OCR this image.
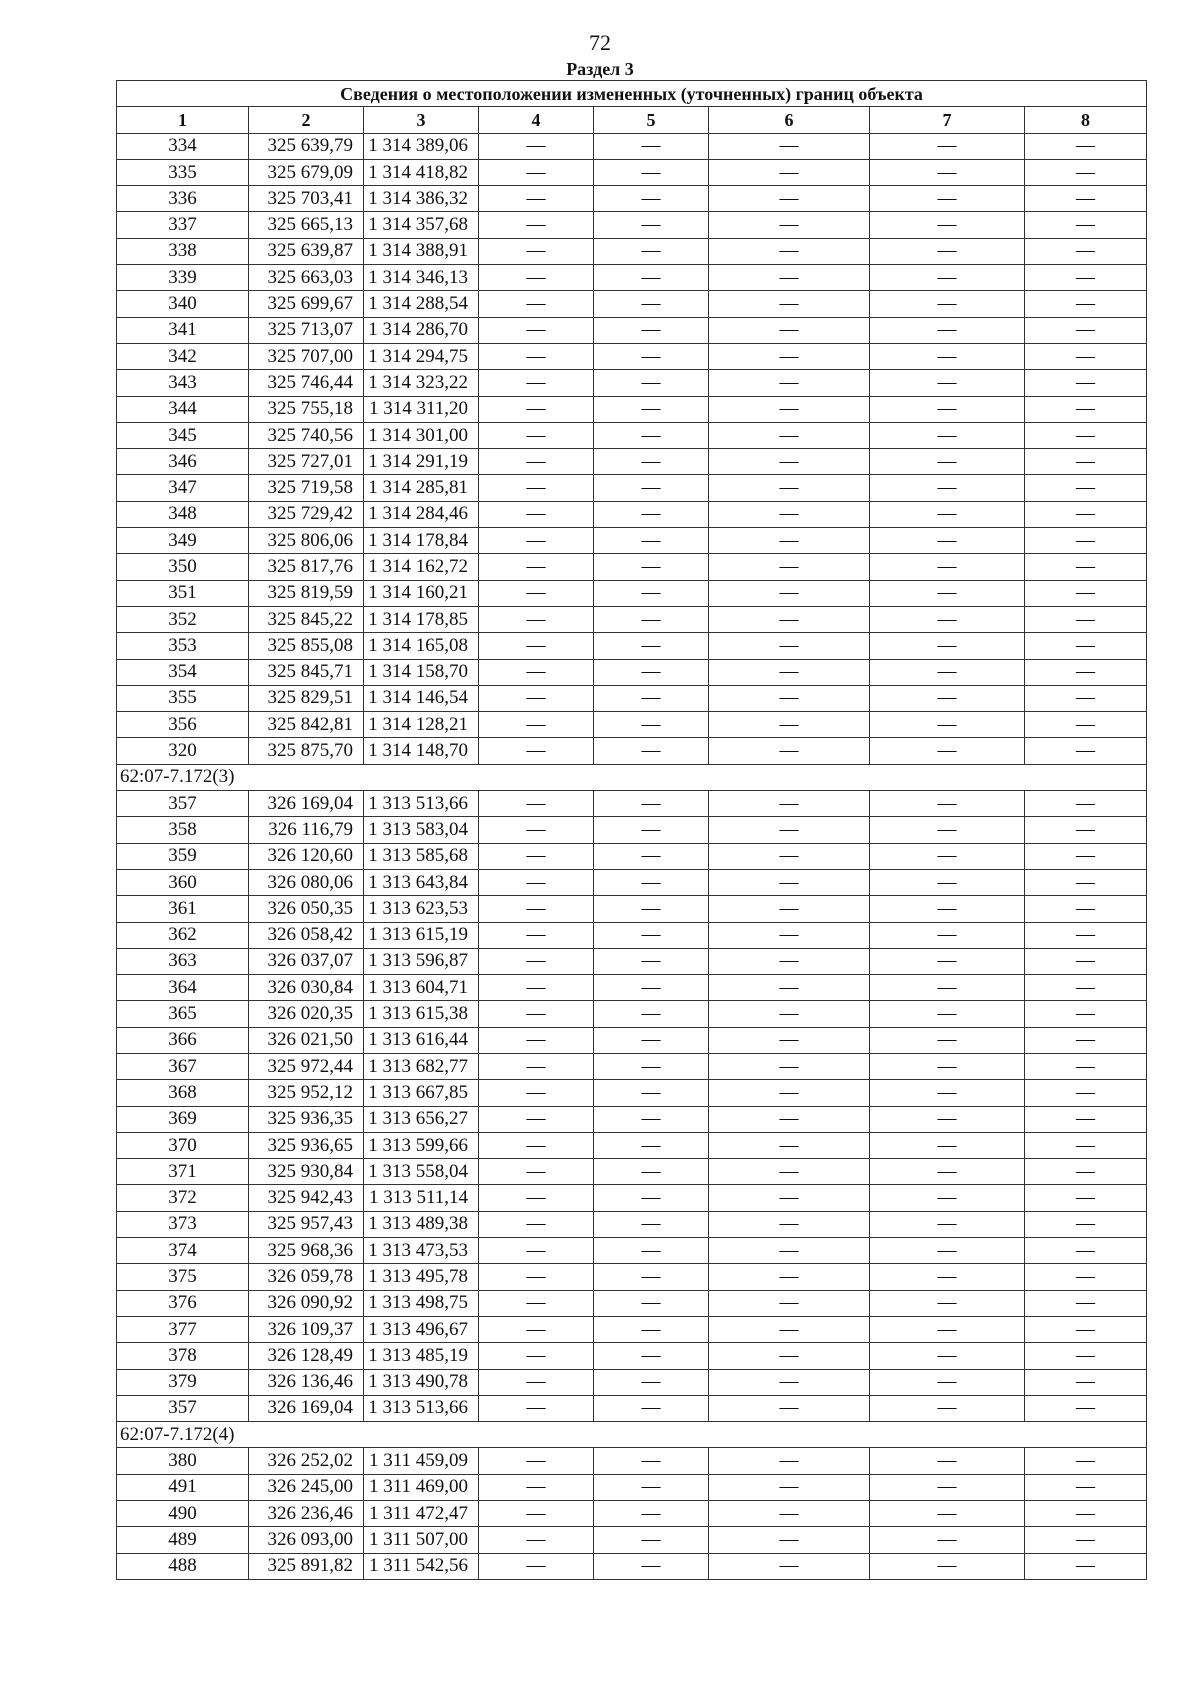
72
Раздел 3
Сведения о местоположении измененных (уточненных) границ объекта							
1	2	3	4	5	6	7	8
334	325 639,79	1 314 389,06	—	—	—	—	—
335	325 679,09	1 314 418,82	—	—	—	—	—
336	325 703,41	1 314 386,32	—	—	—	—	—
337	325 665,13	1 314 357,68	—	—	—	—	—
338	325 639,87	1 314 388,91	—	—	—	—	—
339	325 663,03	1 314 346,13	—	—	—	—	—
340	325 699,67	1 314 288,54	—	—	—	—	—
341	325 713,07	1 314 286,70	—	—	—	—	—
342	325 707,00	1 314 294,75	—	—	—	—	—
343	325 746,44	1 314 323,22	—	—	—	—	—
344	325 755,18	1 314 311,20	—	—	—	—	—
345	325 740,56	1 314 301,00	—	—	—	—	—
346	325 727,01	1 314 291,19	—	—	—	—	—
347	325 719,58	1 314 285,81	—	—	—	—	—
348	325 729,42	1 314 284,46	—	—	—	—	—
349	325 806,06	1 314 178,84	—	—	—	—	—
350	325 817,76	1 314 162,72	—	—	—	—	—
351	325 819,59	1 314 160,21	—	—	—	—	—
352	325 845,22	1 314 178,85	—	—	—	—	—
353	325 855,08	1 314 165,08	—	—	—	—	—
354	325 845,71	1 314 158,70	—	—	—	—	—
355	325 829,51	1 314 146,54	—	—	—	—	—
356	325 842,81	1 314 128,21	—	—	—	—	—
320	325 875,70	1 314 148,70	—	—	—	—	—
62:07-7.172(3)							
357	326 169,04	1 313 513,66	—	—	—	—	—
358	326 116,79	1 313 583,04	—	—	—	—	—
359	326 120,60	1 313 585,68	—	—	—	—	—
360	326 080,06	1 313 643,84	—	—	—	—	—
361	326 050,35	1 313 623,53	—	—	—	—	—
362	326 058,42	1 313 615,19	—	—	—	—	—
363	326 037,07	1 313 596,87	—	—	—	—	—
364	326 030,84	1 313 604,71	—	—	—	—	—
365	326 020,35	1 313 615,38	—	—	—	—	—
366	326 021,50	1 313 616,44	—	—	—	—	—
367	325 972,44	1 313 682,77	—	—	—	—	—
368	325 952,12	1 313 667,85	—	—	—	—	—
369	325 936,35	1 313 656,27	—	—	—	—	—
370	325 936,65	1 313 599,66	—	—	—	—	—
371	325 930,84	1 313 558,04	—	—	—	—	—
372	325 942,43	1 313 511,14	—	—	—	—	—
373	325 957,43	1 313 489,38	—	—	—	—	—
374	325 968,36	1 313 473,53	—	—	—	—	—
375	326 059,78	1 313 495,78	—	—	—	—	—
376	326 090,92	1 313 498,75	—	—	—	—	—
377	326 109,37	1 313 496,67	—	—	—	—	—
378	326 128,49	1 313 485,19	—	—	—	—	—
379	326 136,46	1 313 490,78	—	—	—	—	—
357	326 169,04	1 313 513,66	—	—	—	—	—
62:07-7.172(4)							
380	326 252,02	1 311 459,09	—	—	—	—	—
491	326 245,00	1 311 469,00	—	—	—	—	—
490	326 236,46	1 311 472,47	—	—	—	—	—
489	326 093,00	1 311 507,00	—	—	—	—	—
488	325 891,82	1 311 542,56	—	—	—	—	—
